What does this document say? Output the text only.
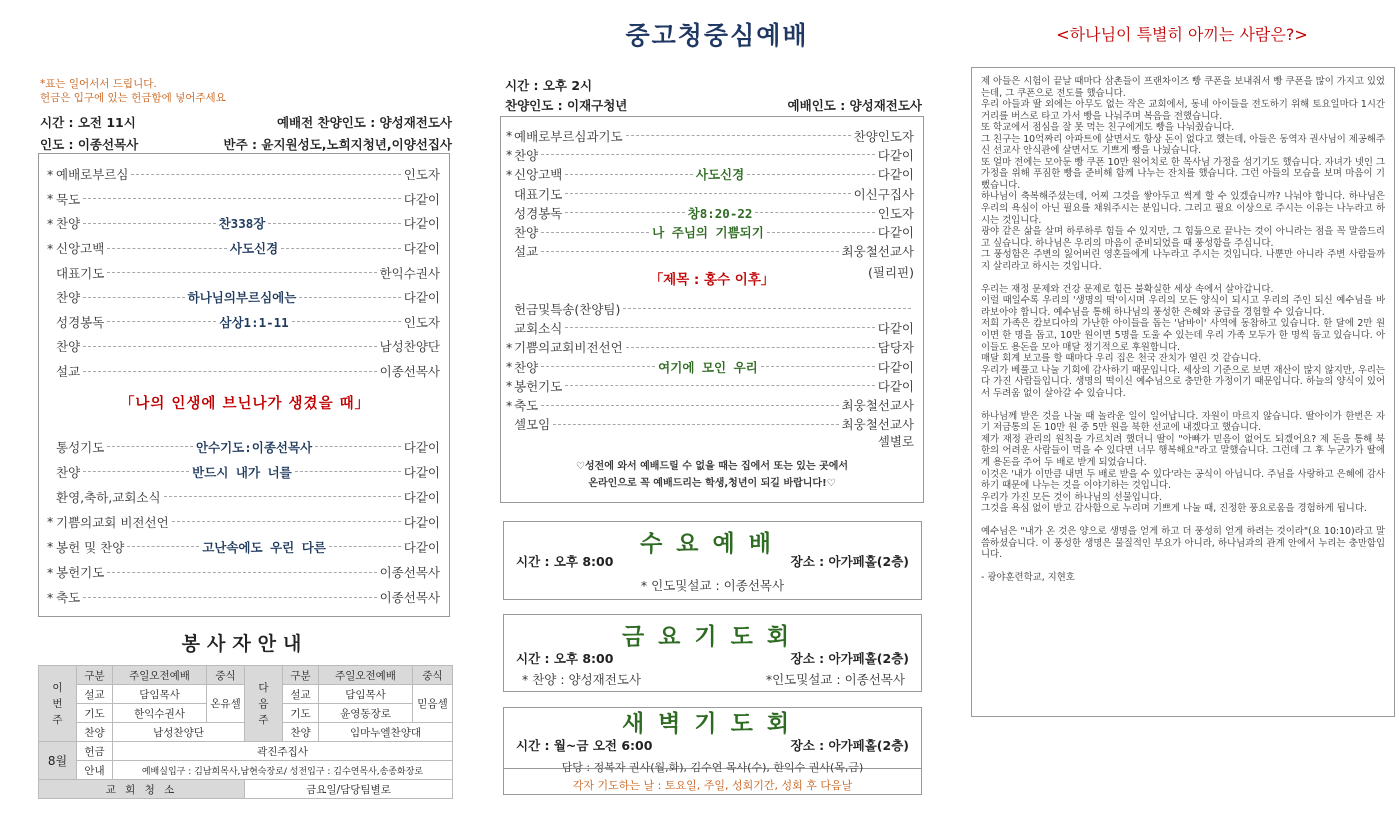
중고청중심예배	<하나님이 특별히 아끼는 사람은?>
*표는 일어서서 드립니다.
헌금은 입구에 있는 헌금함에 넣어주세요
시간 : 오전 11시	예배전 찬양인도 : 양성재전도사
인도 : 이종선목사	반주 : 윤지원성도,노희지청년,이양선집사
* 예배로부르심	인도자
* 묵도	다같이
* 찬양	찬338장	다같이
* 신앙고백	사도신경	다같이
대표기도	한익수권사
찬양	하나님의부르심에는	다같이
성경봉독	삼상1:1-11	인도자
찬양	남성찬양단
설교	이종선목사
「나의 인생에 브닌나가 생겼을 때」
통성기도	안수기도:이종선목사	다같이
찬양	반드시 내가 너를	다같이
환영,축하,교회소식	다같이
* 기쁨의교회 비전선언	다같이
* 봉헌 및 찬양	고난속에도 우린 다른	다같이
* 봉헌기도	이종선목사
* 축도	이종선목사
봉사자안내
이번주	구분	주일오전예배	중식	다음주	구분	주일오전예배	중식
	설교	담임목사	온유셀		설교	담임목사	믿음셀
	기도	한익수권사			기도	윤영동장로	
	찬양	남성찬양단			찬양	임마누엘찬양대	
8월	헌금	곽진주집사					
	안내	예배실입구 : 김남희목사,남현숙장로/ 성전입구 : 김수연목사,송종화장로					
교 회 청 소				금요일/담당팀별로			
시간 : 오후 2시
찬양인도 : 이재구청년	예배인도 : 양성재전도사
* 예배로부르심과기도	찬양인도자
* 찬양	다같이
* 신앙고백	사도신경	다같이
대표기도	이신구집사
성경봉독	창8:20-22	인도자
찬양	나 주님의 기쁨되기	다같이
설교	최웅철선교사
(필리핀)
「제목 : 홍수 이후」
헌금및특송(찬양팀)
교회소식	다같이
* 기쁨의교회비전선언	담당자
* 찬양	여기에 모인 우리	다같이
* 봉헌기도	다같이
* 축도	최웅철선교사
셀모임	최웅철선교사
셀별로
♡성전에 와서 예배드릴 수 없을 때는 집에서 또는 있는 곳에서
온라인으로 꼭 예배드리는 학생,청년이 되길 바랍니다!♡
수요예배
시간 : 오후 8:00	장소 : 아가페홀(2층)
* 인도및설교 : 이종선목사
금요기도회
시간 : 오후 8:00	장소 : 아가페홀(2층)
* 찬양 : 양성재전도사	*인도및설교 : 이종선목사
새벽기도회
시간 : 월~금 오전 6:00	장소 : 아가페홀(2층)
담당 : 정복자 권사(월,화), 김수연 목사(수), 한익수 권사(목,금)
각자 기도하는 날 : 토요일, 주일, 성회기간, 성회 후 다음날

제 아들은 시험이 끝날 때마다 삼촌들이 프랜차이즈 빵 쿠폰을 보내줘서 빵 쿠폰을 많이 가지고 있었는데, 그 쿠폰으로 전도를 했습니다.
우리 아들과 딸 외에는 아무도 없는 작은 교회에서, 동네 아이들을 전도하기 위해 토요일마다 1시간 거리를 버스로 타고 가서 빵을 나눠주며 복음을 전했습니다.
또 학교에서 점심을 잘 못 먹는 친구에게도 빵을 나눠줬습니다.
그 친구는 10억짜리 아파트에 살면서도 항상 돈이 없다고 했는데, 아들은 동역자 권사님이 제공해주신 선교사 안식관에 살면서도 기쁘게 빵을 나눴습니다.
또 얼마 전에는 모아둔 빵 쿠폰 10만 원어치로 한 목사님 가정을 섬기기도 했습니다. 자녀가 넷인 그 가정을 위해 푸짐한 빵을 준비해 함께 나누는 잔치를 했습니다. 그런 아들의 모습을 보며 마음이 기뻤습니다.
하나님이 축복해주셨는데, 어찌 그것을 쌓아두고 썩게 할 수 있겠습니까? 나눠야 합니다. 하나님은 우리의 욕심이 아닌 필요를 채워주시는 분입니다. 그리고 필요 이상으로 주시는 이유는 나누라고 하시는 것입니다.
광야 같은 삶을 살며 하루하루 힘들 수 있지만, 그 힘듦으로 끝나는 것이 아니라는 점을 꼭 말씀드리고 싶습니다. 하나님은 우리의 마음이 준비되었을 때 풍성함을 주십니다.
그 풍성함은 주변의 잃어버린 영혼들에게 나누라고 주시는 것입니다. 나뿐만 아니라 주변 사람들까지 살리라고 하시는 것입니다.

우리는 재정 문제와 건강 문제로 힘든 불확실한 세상 속에서 살아갑니다.
이럴 때일수록 우리의 '생명의 떡'이시며 우리의 모든 양식이 되시고 우리의 주인 되신 예수님을 바라보아야 합니다. 예수님을 통해 하나님의 풍성한 은혜와 공급을 경험할 수 있습니다.
저희 가족은 캄보디아의 가난한 아이들을 돕는 '남바이' 사역에 동참하고 있습니다. 한 달에 2만 원이면 한 명을 돕고, 10만 원이면 5명을 도울 수 있는데 우리 가족 모두가 한 명씩 돕고 있습니다. 아이들도 용돈을 모아 매달 정기적으로 후원합니다.
매달 회계 보고를 할 때마다 우리 집은 천국 잔치가 열린 것 같습니다.
우리가 베풀고 나눌 기회에 감사하기 때문입니다. 세상의 기준으로 보면 재산이 많지 않지만, 우리는 다 가진 사람들입니다. 생명의 떡이신 예수님으로 충만한 가정이기 때문입니다. 하늘의 양식이 있어서 두려움 없이 살아갈 수 있습니다.

하나님께 받은 것을 나눌 때 놀라운 일이 일어납니다. 자원이 마르지 않습니다. 딸아이가 한번은 자기 저금통의 돈 10만 원 중 5만 원을 북한 선교에 내겠다고 했습니다.
제가 재정 관리의 원칙을 가르치려 했더니 딸이 "아빠가 믿음이 없어도 되겠어요? 제 돈을 통해 북한의 어려운 사람들이 먹을 수 있다면 너무 행복해요"라고 말했습니다. 그런데 그 후 누군가가 딸에게 용돈을 주어 두 배로 받게 되었습니다.
이것은 '내가 이만큼 내면 두 배로 받을 수 있다'라는 공식이 아닙니다. 주님을 사랑하고 은혜에 감사하기 때문에 나누는 것을 이야기하는 것입니다.
우리가 가진 모든 것이 하나님의 선물입니다.
그것을 욕심 없이 받고 감사함으로 누리며 기쁘게 나눌 때, 진정한 풍요로움을 경험하게 됩니다.

예수님은 "내가 온 것은 양으로 생명을 얻게 하고 더 풍성히 얻게 하려는 것이라"(요 10:10)라고 말씀하셨습니다. 이 풍성한 생명은 물질적인 부요가 아니라, 하나님과의 관계 안에서 누리는 충만함입니다.

- 광야훈련학교, 지현호
